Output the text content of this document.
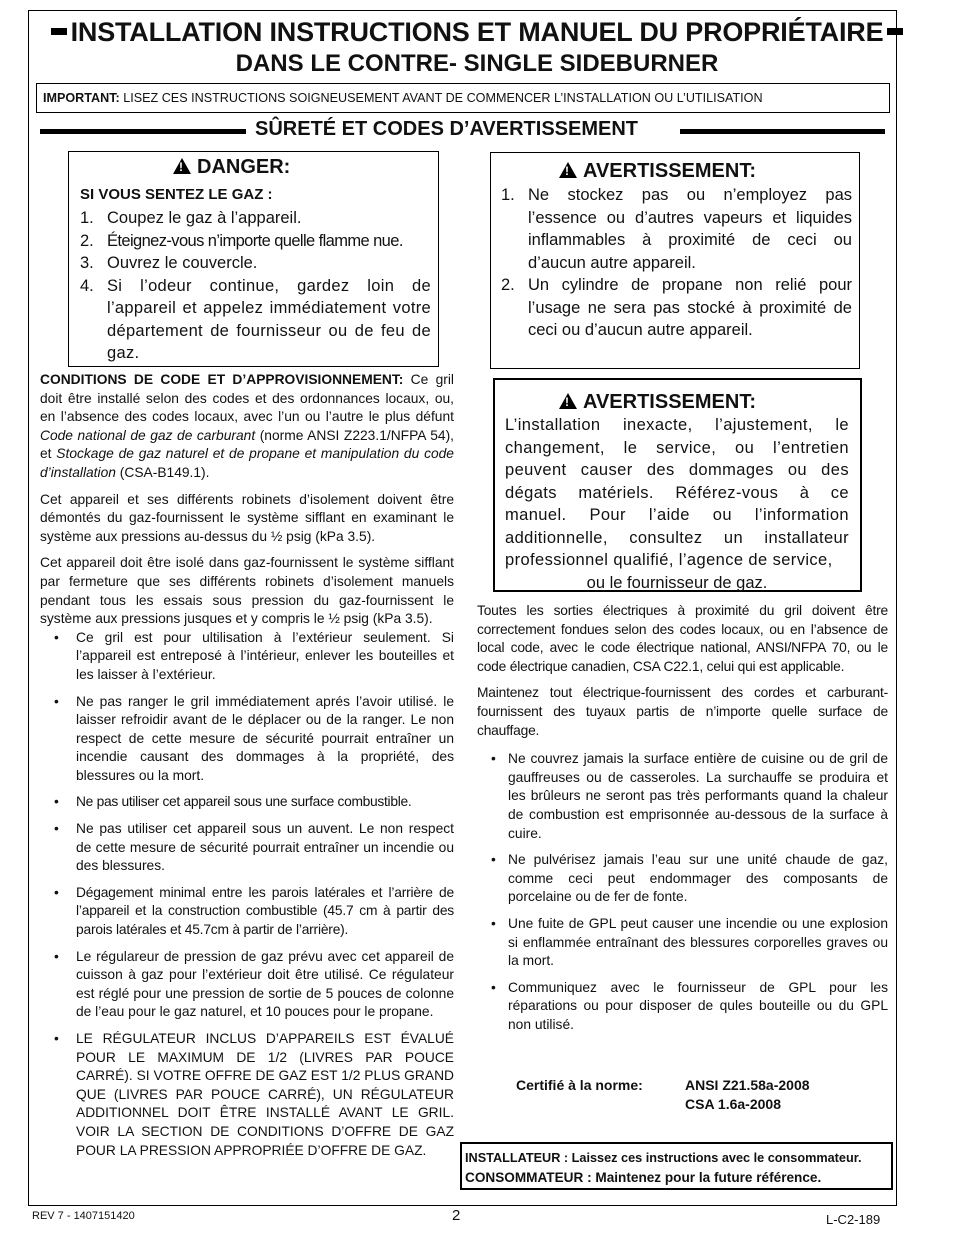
INSTALLATION INSTRUCTIONS ET MANUEL DU PROPRIÉTAIRE
DANS LE CONTRE- SINGLE SIDEBURNER
IMPORTANT: LISEZ CES INSTRUCTIONS SOIGNEUSEMENT AVANT DE COMMENCER L’INSTALLATION OU L’UTILISATION
SÛRETÉ ET CODES D’AVERTISSEMENT
!DANGER:
SI VOUS SENTEZ LE GAZ :
1. Coupez le gaz à l’appareil.
2. Éteignez-vous n’importe quelle flamme nue.
3. Ouvrez le couvercle.
4. Si l’odeur continue, gardez loin de l’appareil et appelez immédiatement votre département de fournisseur ou de feu de gaz.
!AVERTISSEMENT:
1. Ne stockez pas ou n’employez pas l’essence ou d’autres vapeurs et liquides inflammables à proximité de ceci ou d’aucun autre appareil.
2. Un cylindre de propane non relié pour l’usage ne sera pas stocké à proximité de ceci ou d’aucun autre appareil.
!AVERTISSEMENT:
L’installation inexacte, l’ajustement, le changement, le service, ou l’entretien peuvent causer des dommages ou des dégats matériels. Référez-vous à ce manuel. Pour l’aide ou l’information additionnelle, consultez un installateur professionnel qualifié, l’agence de service,
ou le fournisseur de gaz.

CONDITIONS DE CODE ET D’APPROVISIONNEMENT: Ce gril doit être installé selon des codes et des ordonnances locaux, ou, en l’absence des codes locaux, avec l’un ou l’autre le plus défunt Code national de gaz de carburant (norme ANSI Z223.1/NFPA 54), et Stockage de gaz naturel et de propane et manipulation du code d’installation (CSA-B149.1).

Cet appareil et ses différents robinets d’isolement doivent être démontés du gaz-fournissent le système sifflant en examinant le système aux pressions au-dessus du ½ psig (kPa 3.5).

Cet appareil doit être isolé dans gaz-fournissent le système sifflant par fermeture que ses différents robinets d’isolement manuels pendant tous les essais sous pression du gaz-fournissent le système aux pressions jusques et y compris le ½ psig (kPa 3.5).

• Ce gril est pour ultilisation à l’extérieur seulement. Si l’appareil est entreposé à l’intérieur, enlever les bouteilles et les laisser à l’extérieur.
• Ne pas ranger le gril immédiatement aprés l’avoir utilisé. le laisser refroidir avant de le déplacer ou de la ranger. Le non respect de cette mesure de sécurité pourrait entraîner un incendie causant des dommages à la propriété, des blessures ou la mort.
• Ne pas utiliser cet appareil sous une surface combustible.
• Ne pas utiliser cet appareil sous un auvent. Le non respect de cette mesure de sécurité pourrait entraîner un incendie ou des blessures.
• Dégagement minimal entre les parois latérales et l’arrière de l’appareil et la construction combustible (45.7 cm à partir des parois latérales et 45.7cm à partir de l’arrière).
• Le régulareur de pression de gaz prévu avec cet appareil de cuisson à gaz pour l’extérieur doit être utilisé. Ce régulateur est réglé pour une pression de sortie de 5 pouces de colonne de l’eau pour le gaz naturel, et 10 pouces pour le propane.
• LE RÉGULATEUR INCLUS D’APPAREILS EST ÉVALUÉ POUR LE MAXIMUM DE 1/2 (LIVRES PAR POUCE CARRÉ). SI VOTRE OFFRE DE GAZ EST 1/2 PLUS GRAND QUE (LIVRES PAR POUCE CARRÉ), UN RÉGULATEUR ADDITIONNEL DOIT ÊTRE INSTALLÉ AVANT LE GRIL. VOIR LA SECTION DE CONDITIONS D’OFFRE DE GAZ POUR LA PRESSION APPROPRIÉE D’OFFRE DE GAZ.

Toutes les sorties électriques à proximité du gril doivent être correctement fondues selon des codes locaux, ou en l’absence de local code, avec le code électrique national, ANSI/NFPA 70, ou le code électrique canadien, CSA C22.1, celui qui est applicable.

Maintenez tout électrique-fournissent des cordes et carburant-fournissent des tuyaux partis de n’importe quelle surface de chauffage.

• Ne couvrez jamais la surface entière de cuisine ou de gril de gauffreuses ou de casseroles. La surchauffe se produira et les brûleurs ne seront pas très performants quand la chaleur de combustion est emprisonnée au-dessous de la surface à cuire.
• Ne pulvérisez jamais l’eau sur une unité chaude de gaz, comme ceci peut endommager des composants de porcelaine ou de fer de fonte.
• Une fuite de GPL peut causer une incendie ou une explosion si enflammée entraînant des blessures corporelles graves ou la mort.
• Communiquez avec le fournisseur de GPL pour les réparations ou pour disposer de qules bouteille ou du GPL non utilisé.
Certifié à la norme:	ANSI Z21.58a-2008
CSA 1.6a-2008
INSTALLATEUR : Laissez ces instructions avec le consommateur.
CONSOMMATEUR : Maintenez pour la future référence.
REV 7 - 1407151420	2	L-C2-189
